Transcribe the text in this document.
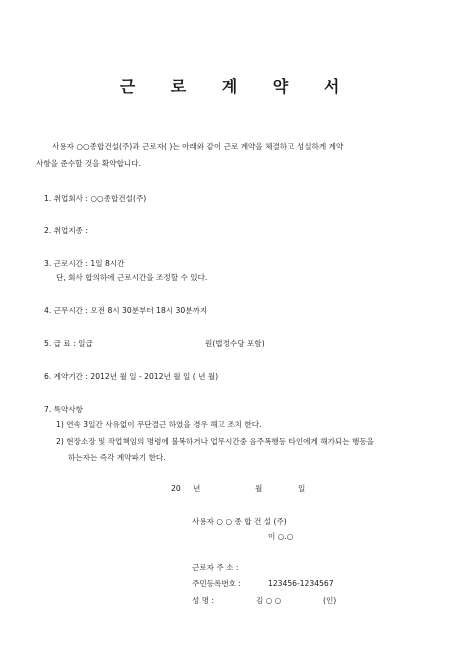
근 로 계 약 서
사용자 ○○종합건설(주)과 근로자( )는 아래와 같이 근로 계약을 체결하고 성실하게 계약
사항을 준수할 것을 확약합니다.
1. 취업회사 : ○○종합건설(주)
2. 취업지종 :
3. 근로시간 : 1일 8시간
단, 회사 합의하에 근로시간을 조정할 수 있다.
4. 근무시간 : 오전 8시 30분부터 18시 30분까지
5. 급 료 : 일급	원(법정수당 포함)
6. 계약기간 : 2012년 월 일 - 2012년 월 일 ( 년 월)
7. 특약사항
1) 연속 3일간 사유없이 무단결근 하였을 경우 해고 조치 한다.
2) 현장소장 및 작업책임의 명령에 불복하거나 업무시간중 음주폭행등 타인에게 해가되는 행동을
하는자는 즉각 계약파기 한다.
20 년	월	일
사용자 ○ ○ 종 합 건 설 (주)
이 ○.○
근로자 주 소 :
주민등록번호 :	123456-1234567
성 명 :	김 ○ ○	(인)
